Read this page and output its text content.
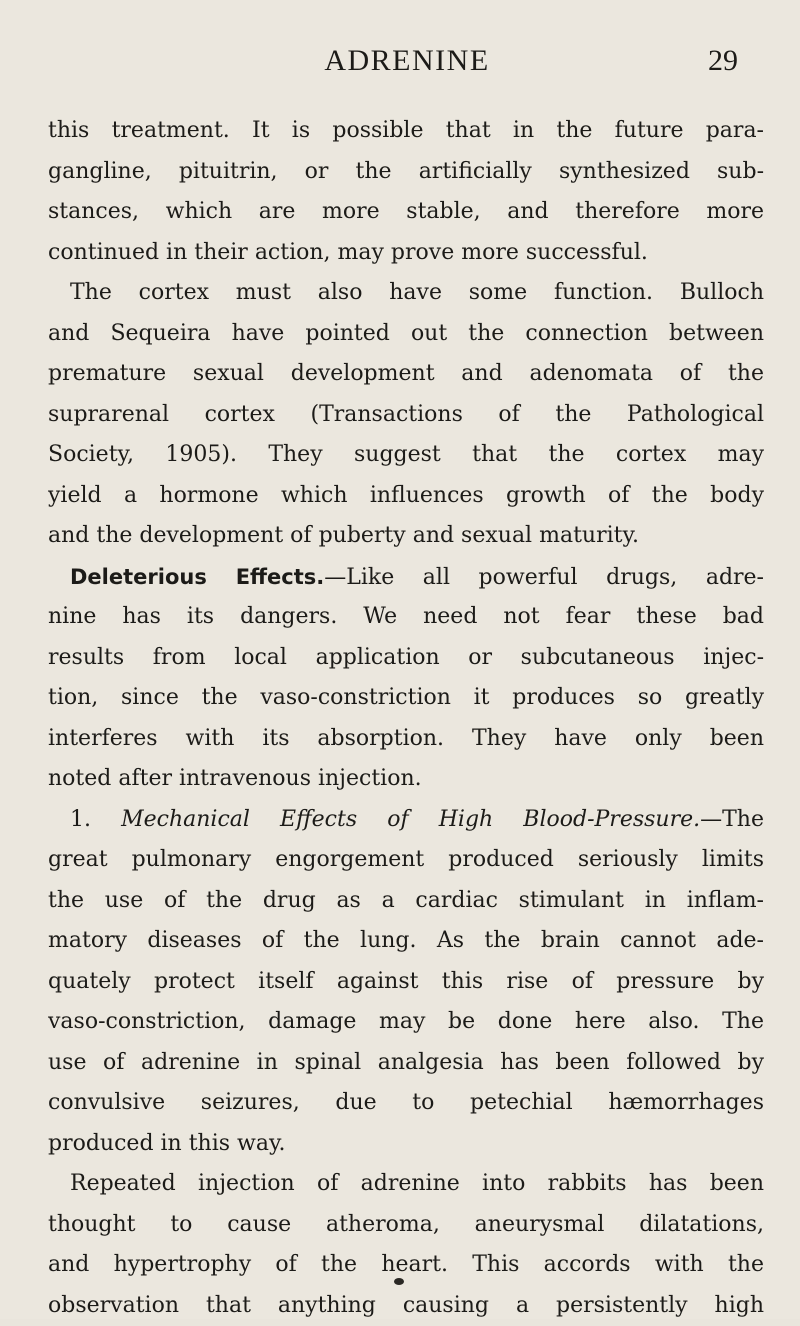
ADRENINE	29
this treatment. It is possible that in the future para-
gangline, pituitrin, or the artificially synthesized sub-
stances, which are more stable, and therefore more
continued in their action, may prove more successful.
The cortex must also have some function. Bulloch
and Sequeira have pointed out the connection between
premature sexual development and adenomata of the
suprarenal cortex (Transactions of the Pathological
Society, 1905). They suggest that the cortex may
yield a hormone which influences growth of the body
and the development of puberty and sexual maturity.
Deleterious Effects.—Like all powerful drugs, adre-
nine has its dangers. We need not fear these bad
results from local application or subcutaneous injec-
tion, since the vaso-constriction it produces so greatly
interferes with its absorption. They have only been
noted after intravenous injection.
1. Mechanical Effects of High Blood-Pressure.—The
great pulmonary engorgement produced seriously limits
the use of the drug as a cardiac stimulant in inflam-
matory diseases of the lung. As the brain cannot ade-
quately protect itself against this rise of pressure by
vaso-constriction, damage may be done here also. The
use of adrenine in spinal analgesia has been followed by
convulsive seizures, due to petechial hæmorrhages
produced in this way.
Repeated injection of adrenine into rabbits has been
thought to cause atheroma, aneurysmal dilatations,
and hypertrophy of the heart. This accords with the
observation that anything causing a persistently high
